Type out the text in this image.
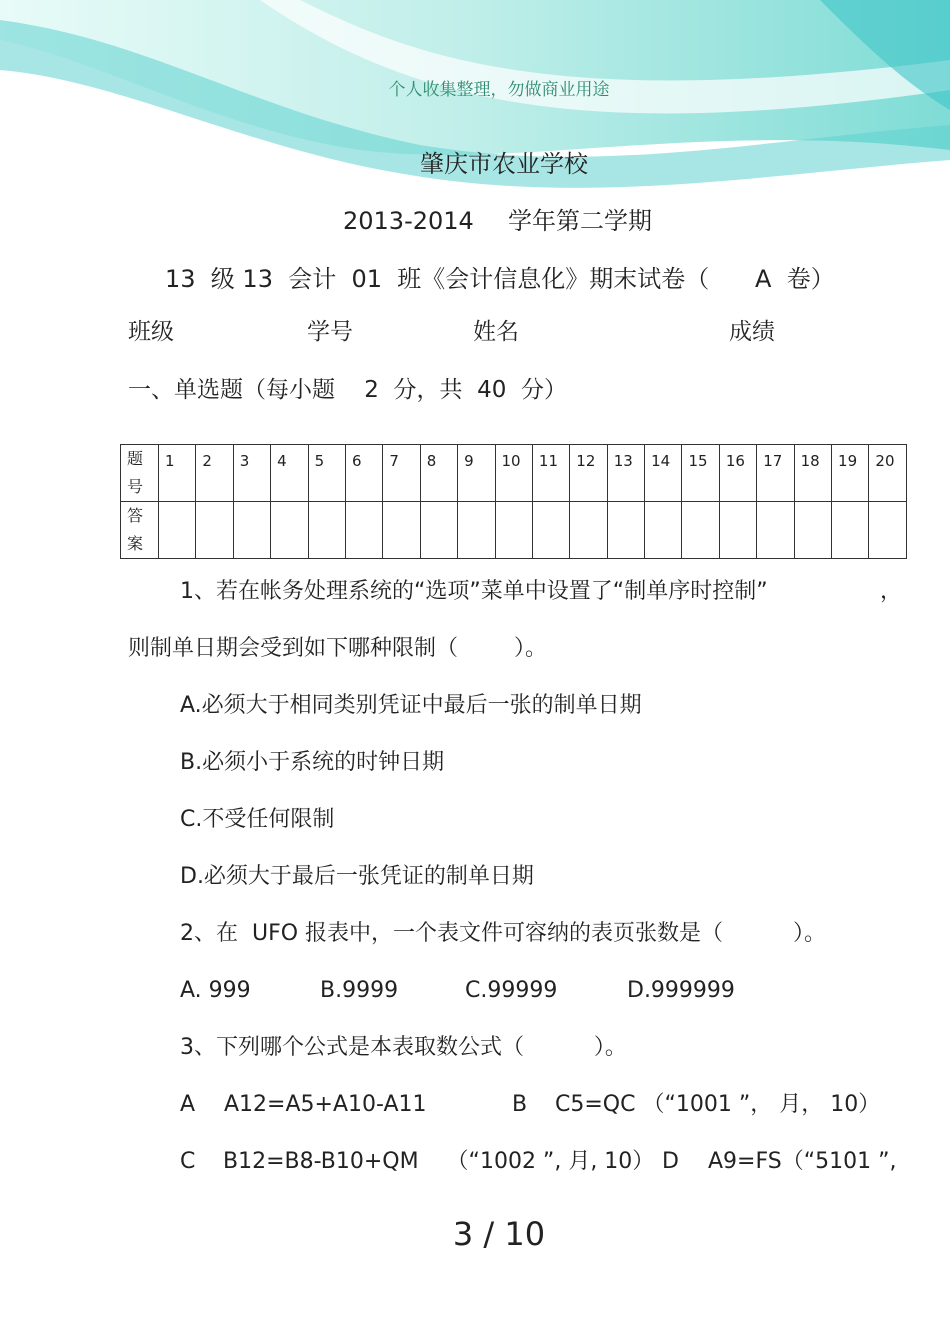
个人收集整理，勿做商业用途
肇庆市农业学校
2013-2014 学年第二学期
13  级 13  会计  01  班《会计信息化》期末试卷（      A  卷）
班级	学号	姓名	成绩
一、单选题（每小题    2  分，共  40  分）
题号	1	2	3	4	5	6	7	8	9	10	11	12	13	14	15	16	17	18	19	20
答案																				
1、若在帐务处理系统的“选项”菜单中设置了“制单序时控制”	，
则制单日期会受到如下哪种限制（        ）。
A.必须大于相同类别凭证中最后一张的制单日期
B.必须小于系统的时钟日期
C.不受任何限制
D.必须大于最后一张凭证的制单日期
2、在  UFO 报表中，一个表文件可容纳的表页张数是（          ）。
A. 999	B.9999	C.99999	D.999999
3、下列哪个公式是本表取数公式（          ）。
A A12=A5+A10-A11	B C5=QC （“1001 ”， 月， 10）
C B12=B8-B10+QM    （“1002 ”, 月, 10） D A9=FS（“5101 ”,
3 / 10
